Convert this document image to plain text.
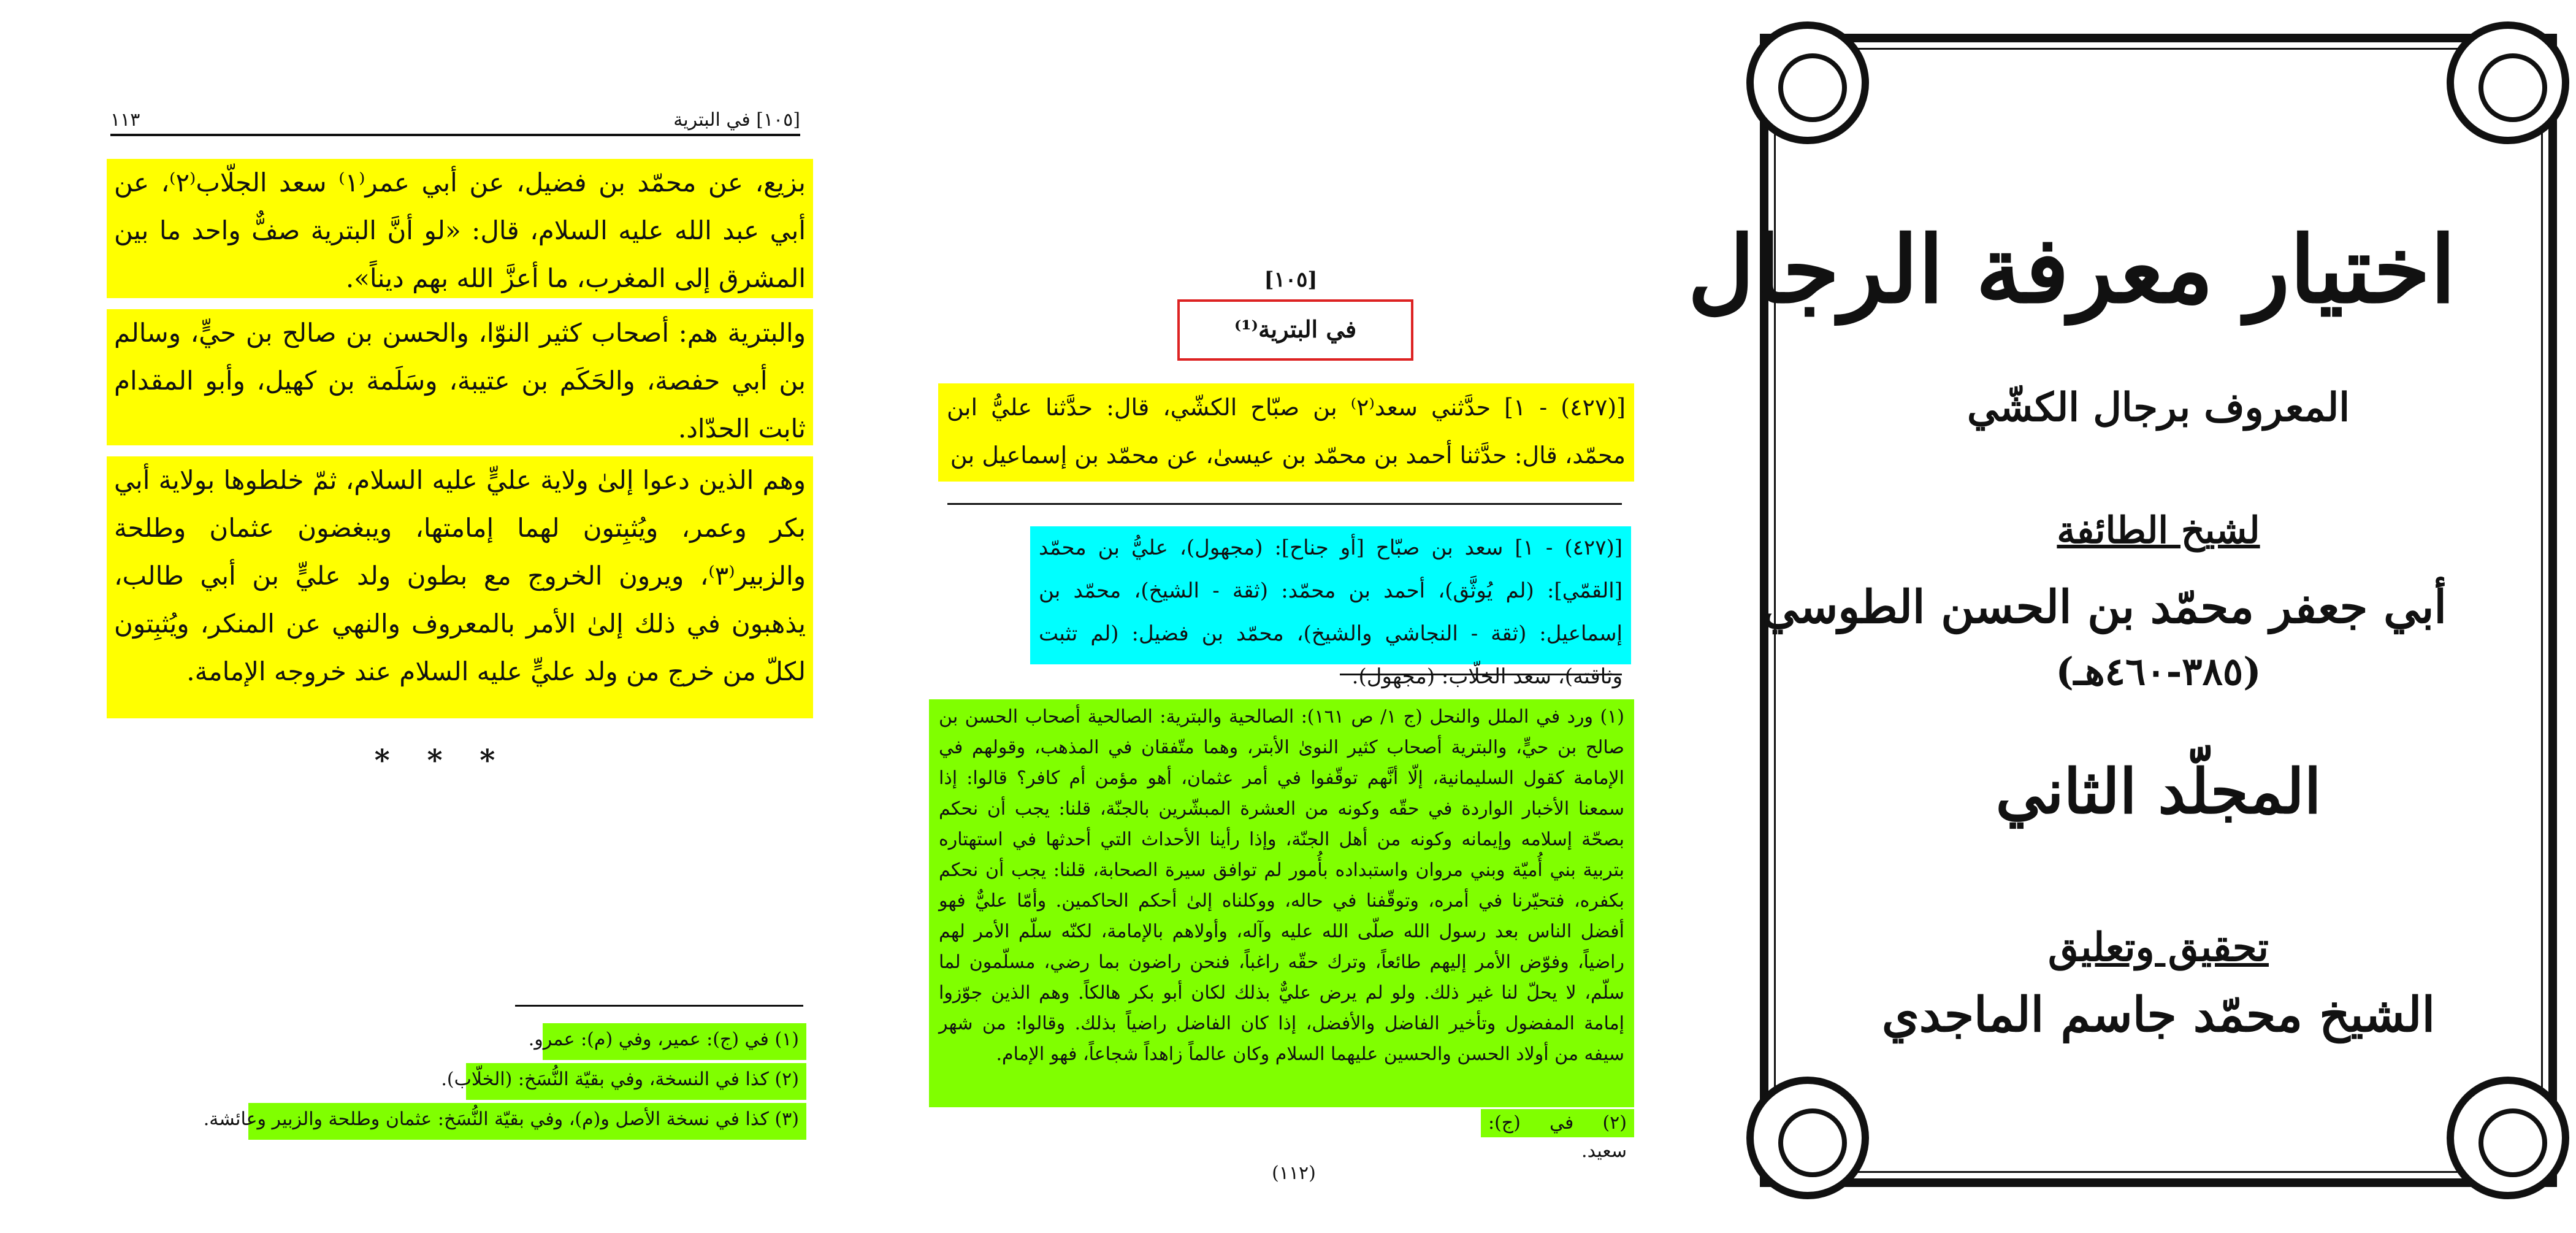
[١٠٥] في البترية
١١٣
بزيع، عن محمّد بن فضيل، عن أبي عمر⁽١⁾ سعد الجلّاب⁽٢⁾، عن أبي عبد الله عليه السلام، قال: «لو أنَّ البترية صفٌّ واحد ما بين المشرق إلى المغرب، ما أعزَّ الله بهم ديناً».
والبترية هم: أصحاب كثير النوّا، والحسن بن صالح بن حيٍّ، وسالم بن أبي حفصة، والحَكَم بن عتيبة، وسَلَمة بن كهيل، وأبو المقدام ثابت الحدّاد.
وهم الذين دعوا إلىٰ ولاية عليٍّ عليه السلام، ثمّ خلطوها بولاية أبي بكر وعمر، ويُثبِتون لهما إمامتها، ويبغضون عثمان وطلحة والزبير⁽٣⁾، ويرون الخروج مع بطون ولد عليٍّ بن أبي طالب، يذهبون في ذلك إلىٰ الأمر بالمعروف والنهي عن المنكر، ويُثبِتون لكلّ من خرج من ولد عليٍّ عليه السلام عند خروجه الإمامة.
* * *
(١) في (ج): عمير، وفي (م): عمرو.
(٢) كذا في النسخة، وفي بقيّة النُّسَخ: (الخلّاب).
(٣) كذا في نسخة الأصل و(م)، وفي بقيّة النُّسَخ: عثمان وطلحة والزبير وعائشة.
[١٠٥]
في البترية⁽¹⁾
[(٤٢٧) - ١] حدَّثني سعد⁽٢⁾ بن صبّاح الكشّي، قال: حدَّثنا عليُّ ابن محمّد، قال: حدَّثنا أحمد بن محمّد بن عيسىٰ، عن محمّد بن إسماعيل بن
[(٤٢٧) - ١] سعد بن صبّاح [أو جناح]: (مجهول)، عليُّ بن محمّد [القمّي]: (لم يُوثَّق)، أحمد بن محمّد: (ثقة - الشيخ)، محمّد بن إسماعيل: (ثقة - النجاشي والشيخ)، محمّد بن فضيل: (لم تثبت وثاقته)، سعد الخلّاب: (مجهول).
(١) ورد في الملل والنحل (ج ١/ ص ١٦١): الصالحية والبترية: الصالحية أصحاب الحسن بن صالح بن حيٍّ، والبترية أصحاب كثير النوىٰ الأبتر، وهما متّفقان في المذهب، وقولهم في الإمامة كقول السليمانية، إلّا أنَّهم توقّفوا في أمر عثمان، أهو مؤمن أم كافر؟ قالوا: إذا سمعنا الأخبار الواردة في حقّه وكونه من العشرة المبشّرين بالجنّة، قلنا: يجب أن نحكم بصحّة إسلامه وإيمانه وكونه من أهل الجنّة، وإذا رأينا الأحداث التي أحدثها في استهتاره بتربية بني أُميّة وبني مروان واستبداده بأُمور لم توافق سيرة الصحابة، قلنا: يجب أن نحكم بكفره، فتحيّرنا في أمره، وتوقّفنا في حاله، ووكلناه إلىٰ أحكم الحاكمين. وأمّا عليٌّ فهو أفضل الناس بعد رسول الله صلّى الله عليه وآله، وأولاهم بالإمامة، لكنّه سلّم الأمر لهم راضياً، وفوّض الأمر إليهم طائعاً، وترك حقّه راغباً، فنحن راضون بما رضي، مسلّمون لما سلّم، لا يحلّ لنا غير ذلك. ولو لم يرض عليٌّ بذلك لكان أبو بكر هالكاً. وهم الذين جوّزوا إمامة المفضول وتأخير الفاضل والأفضل، إذا كان الفاضل راضياً بذلك. وقالوا: من شهر سيفه من أولاد الحسن والحسين عليهما السلام وكان عالماً زاهداً شجاعاً، فهو الإمام.
(٢) في (ج): سعيد.
(١١٢)
اختيار معرفة الرجال
المعروف برجال الكشّي
لشيخ الطائفة
أبي جعفر محمّد بن الحسن الطوسي
(٣٨٥-٤٦٠هـ)
المجلّد الثاني
تحقيق وتعليق
الشيخ محمّد جاسم الماجدي
